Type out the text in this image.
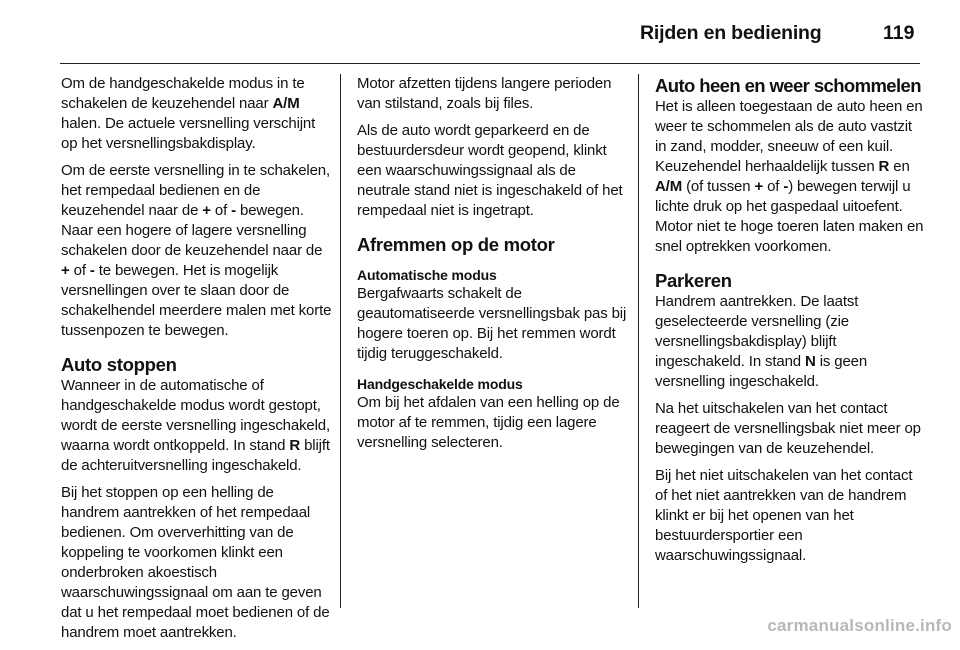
Rijden en bediening	119

Om de handgeschakelde modus in te schakelen de keuzehendel naar A/M halen. De actuele versnelling verschijnt op het versnellingsbakdisplay.

Om de eerste versnelling in te schakelen, het rempedaal bedienen en de keuzehendel naar de + of - bewegen. Naar een hogere of lagere versnelling schakelen door de keuzehendel naar de + of - te bewegen. Het is mogelijk versnellingen over te slaan door de schakelhendel meerdere malen met korte tussenpozen te bewegen.

Auto stoppen

Wanneer in de automatische of handgeschakelde modus wordt gestopt, wordt de eerste versnelling ingeschakeld, waarna wordt ontkoppeld. In stand R blijft de achteruitversnelling ingeschakeld.

Bij het stoppen op een helling de handrem aantrekken of het rempedaal bedienen. Om oververhitting van de koppeling te voorkomen klinkt een onderbroken akoestisch waarschuwingssignaal om aan te geven dat u het rempedaal moet bedienen of de handrem moet aantrekken.

Motor afzetten tijdens langere perioden van stilstand, zoals bij files.

Als de auto wordt geparkeerd en de bestuurdersdeur wordt geopend, klinkt een waarschuwingssignaal als de neutrale stand niet is ingeschakeld of het rempedaal niet is ingetrapt.

Afremmen op de motor
Automatische modus

Bergafwaarts schakelt de geautomatiseerde versnellingsbak pas bij hogere toeren op. Bij het remmen wordt tijdig teruggeschakeld.

Handgeschakelde modus

Om bij het afdalen van een helling op de motor af te remmen, tijdig een lagere versnelling selecteren.

Auto heen en weer schommelen

Het is alleen toegestaan de auto heen en weer te schommelen als de auto vastzit in zand, modder, sneeuw of een kuil. Keuzehendel herhaaldelijk tussen R en A/M (of tussen + of -) bewegen terwijl u lichte druk op het gaspedaal uitoefent. Motor niet te hoge toeren laten maken en snel optrekken voorkomen.

Parkeren

Handrem aantrekken. De laatst geselecteerde versnelling (zie versnellingsbakdisplay) blijft ingeschakeld. In stand N is geen versnelling ingeschakeld.

Na het uitschakelen van het contact reageert de versnellingsbak niet meer op bewegingen van de keuzehendel.

Bij het niet uitschakelen van het contact of het niet aantrekken van de handrem klinkt er bij het openen van het bestuurdersportier een waarschuwingssignaal.

carmanualsonline.info
